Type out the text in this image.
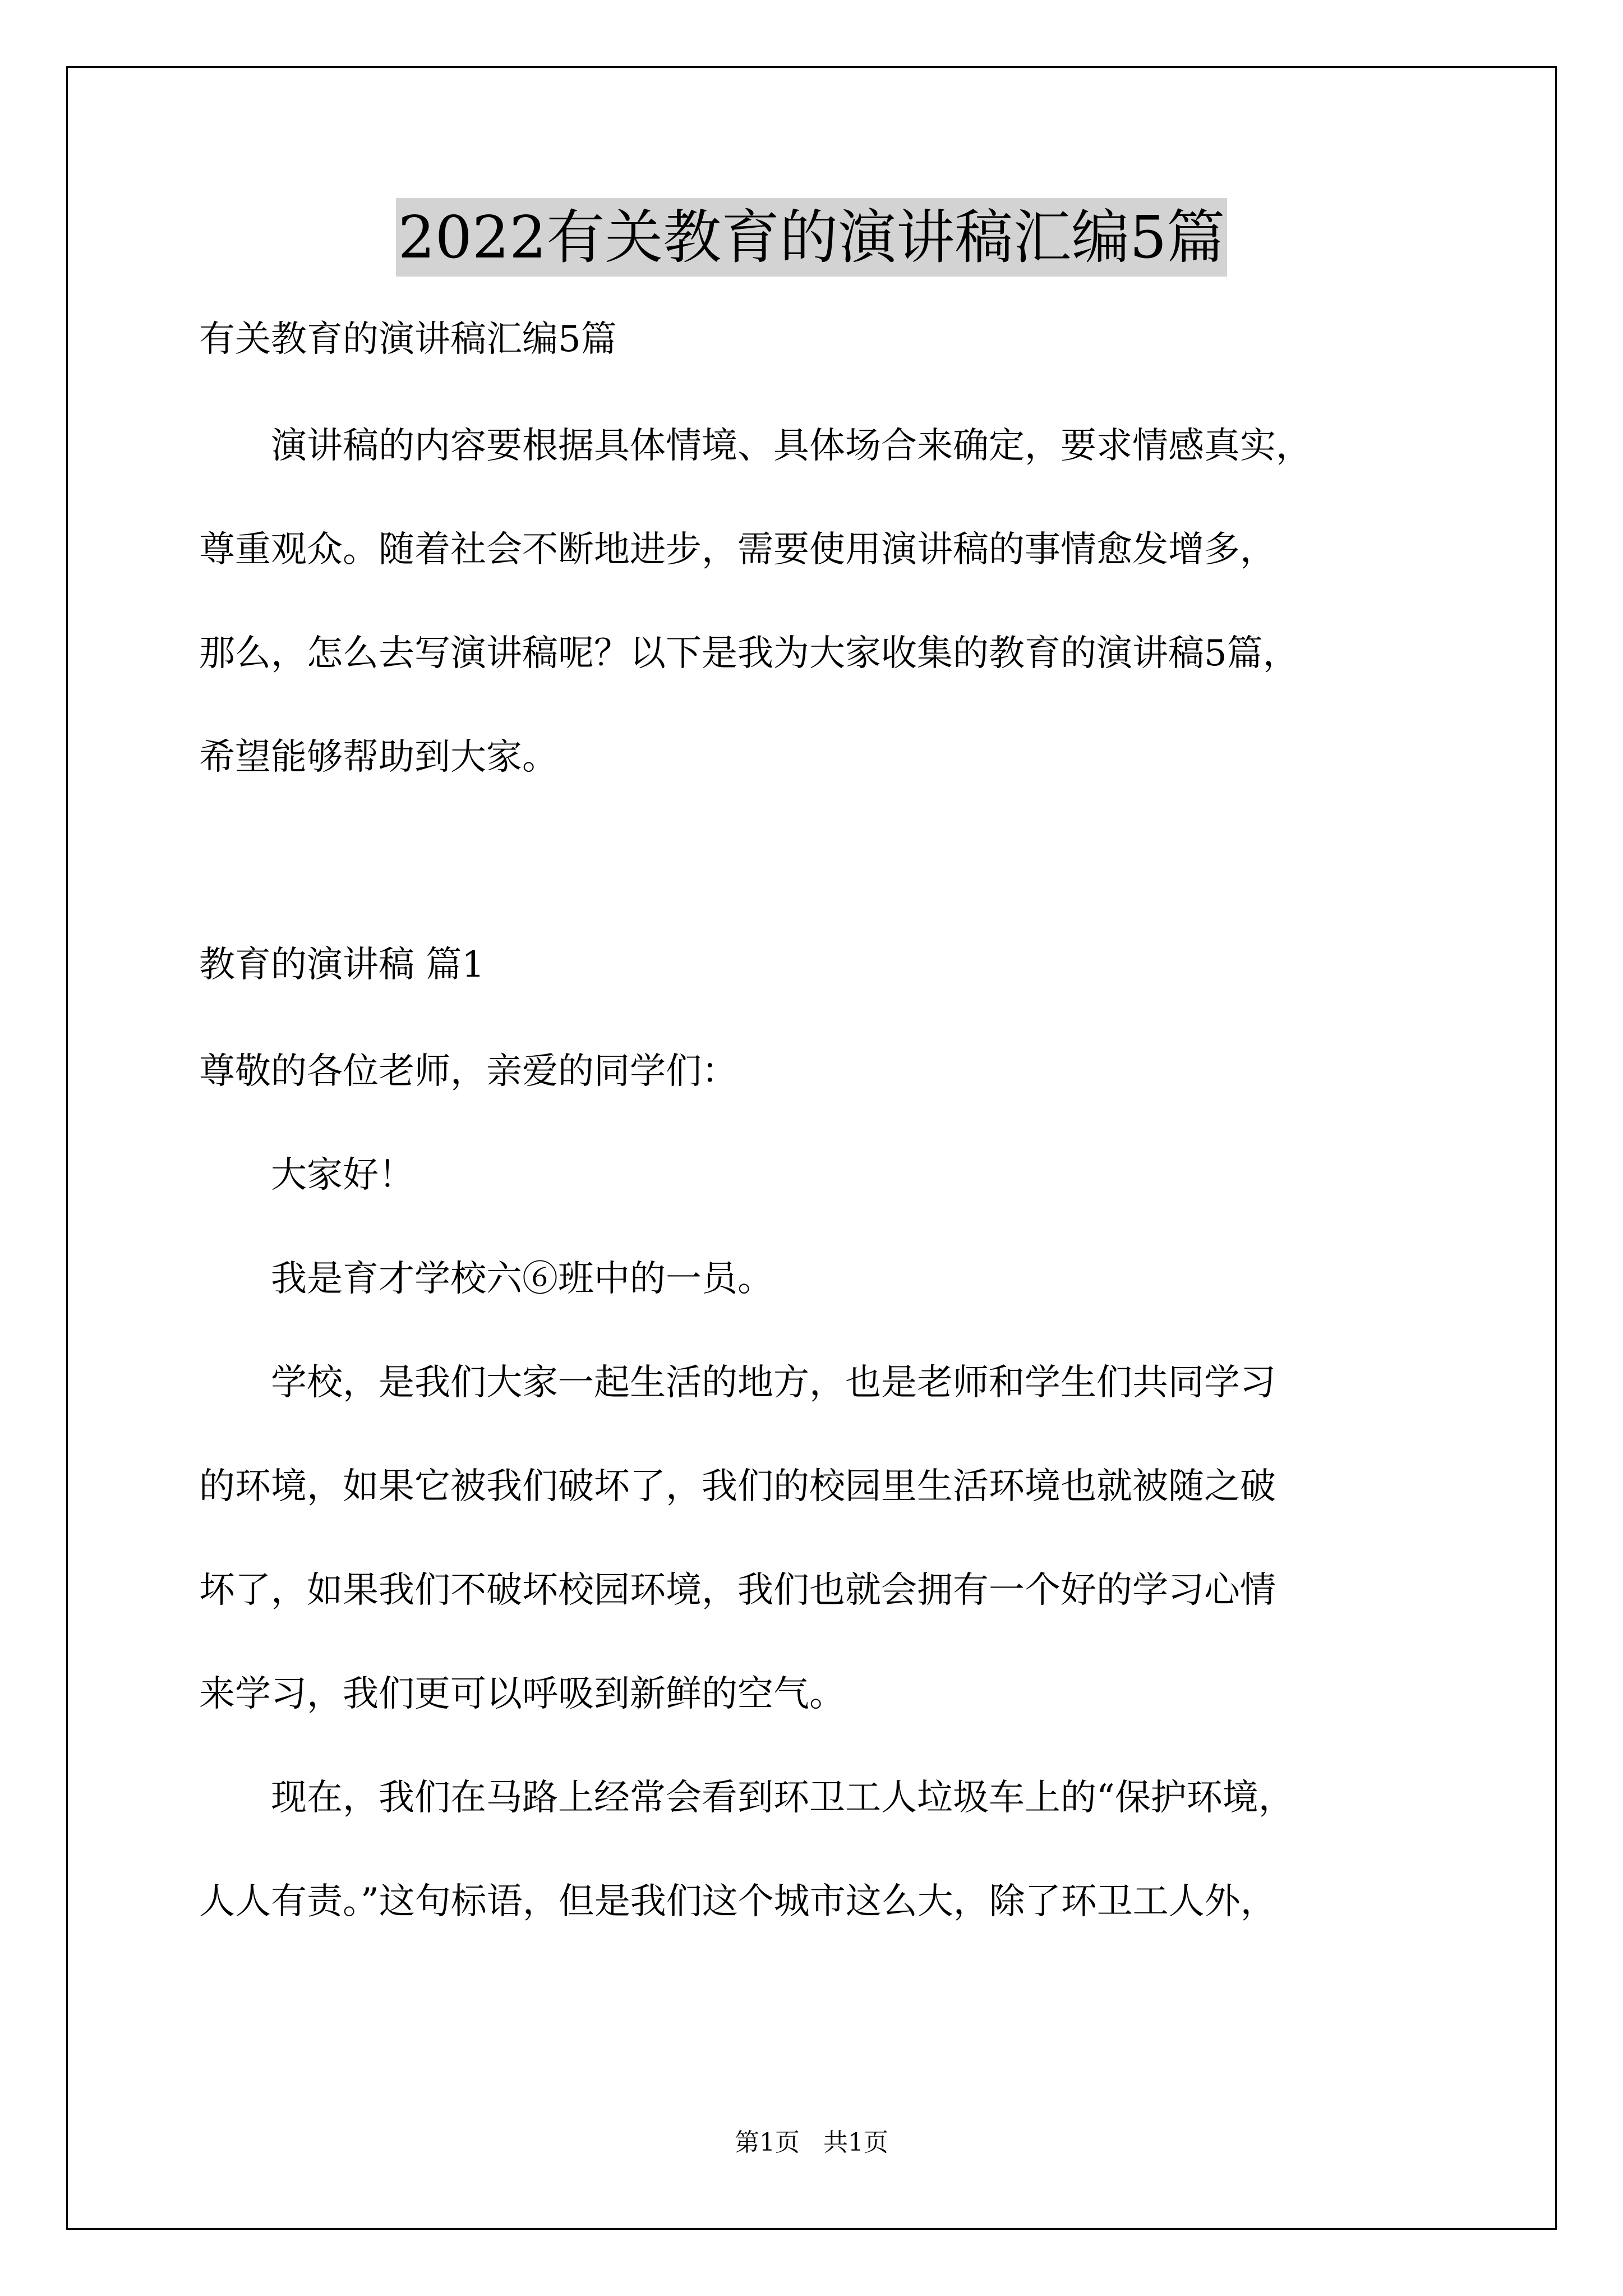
2022有关教育的演讲稿汇编5篇

有关教育的演讲稿汇编5篇

　　演讲稿的内容要根据具体情境、具体场合来确定，要求情感真实，

尊重观众。随着社会不断地进步，需要使用演讲稿的事情愈发增多，

那么，怎么去写演讲稿呢？以下是我为大家收集的教育的演讲稿5篇，

希望能够帮助到大家。

教育的演讲稿 篇1

尊敬的各位老师，亲爱的同学们：

　　大家好！

　　我是育才学校六⑥班中的一员。

　　学校，是我们大家一起生活的地方，也是老师和学生们共同学习

的环境，如果它被我们破坏了，我们的校园里生活环境也就被随之破

坏了，如果我们不破坏校园环境，我们也就会拥有一个好的学习心情

来学习，我们更可以呼吸到新鲜的空气。

　　现在，我们在马路上经常会看到环卫工人垃圾车上的“保护环境，

人人有责。”这句标语，但是我们这个城市这么大，除了环卫工人外，

第1页 共1页
